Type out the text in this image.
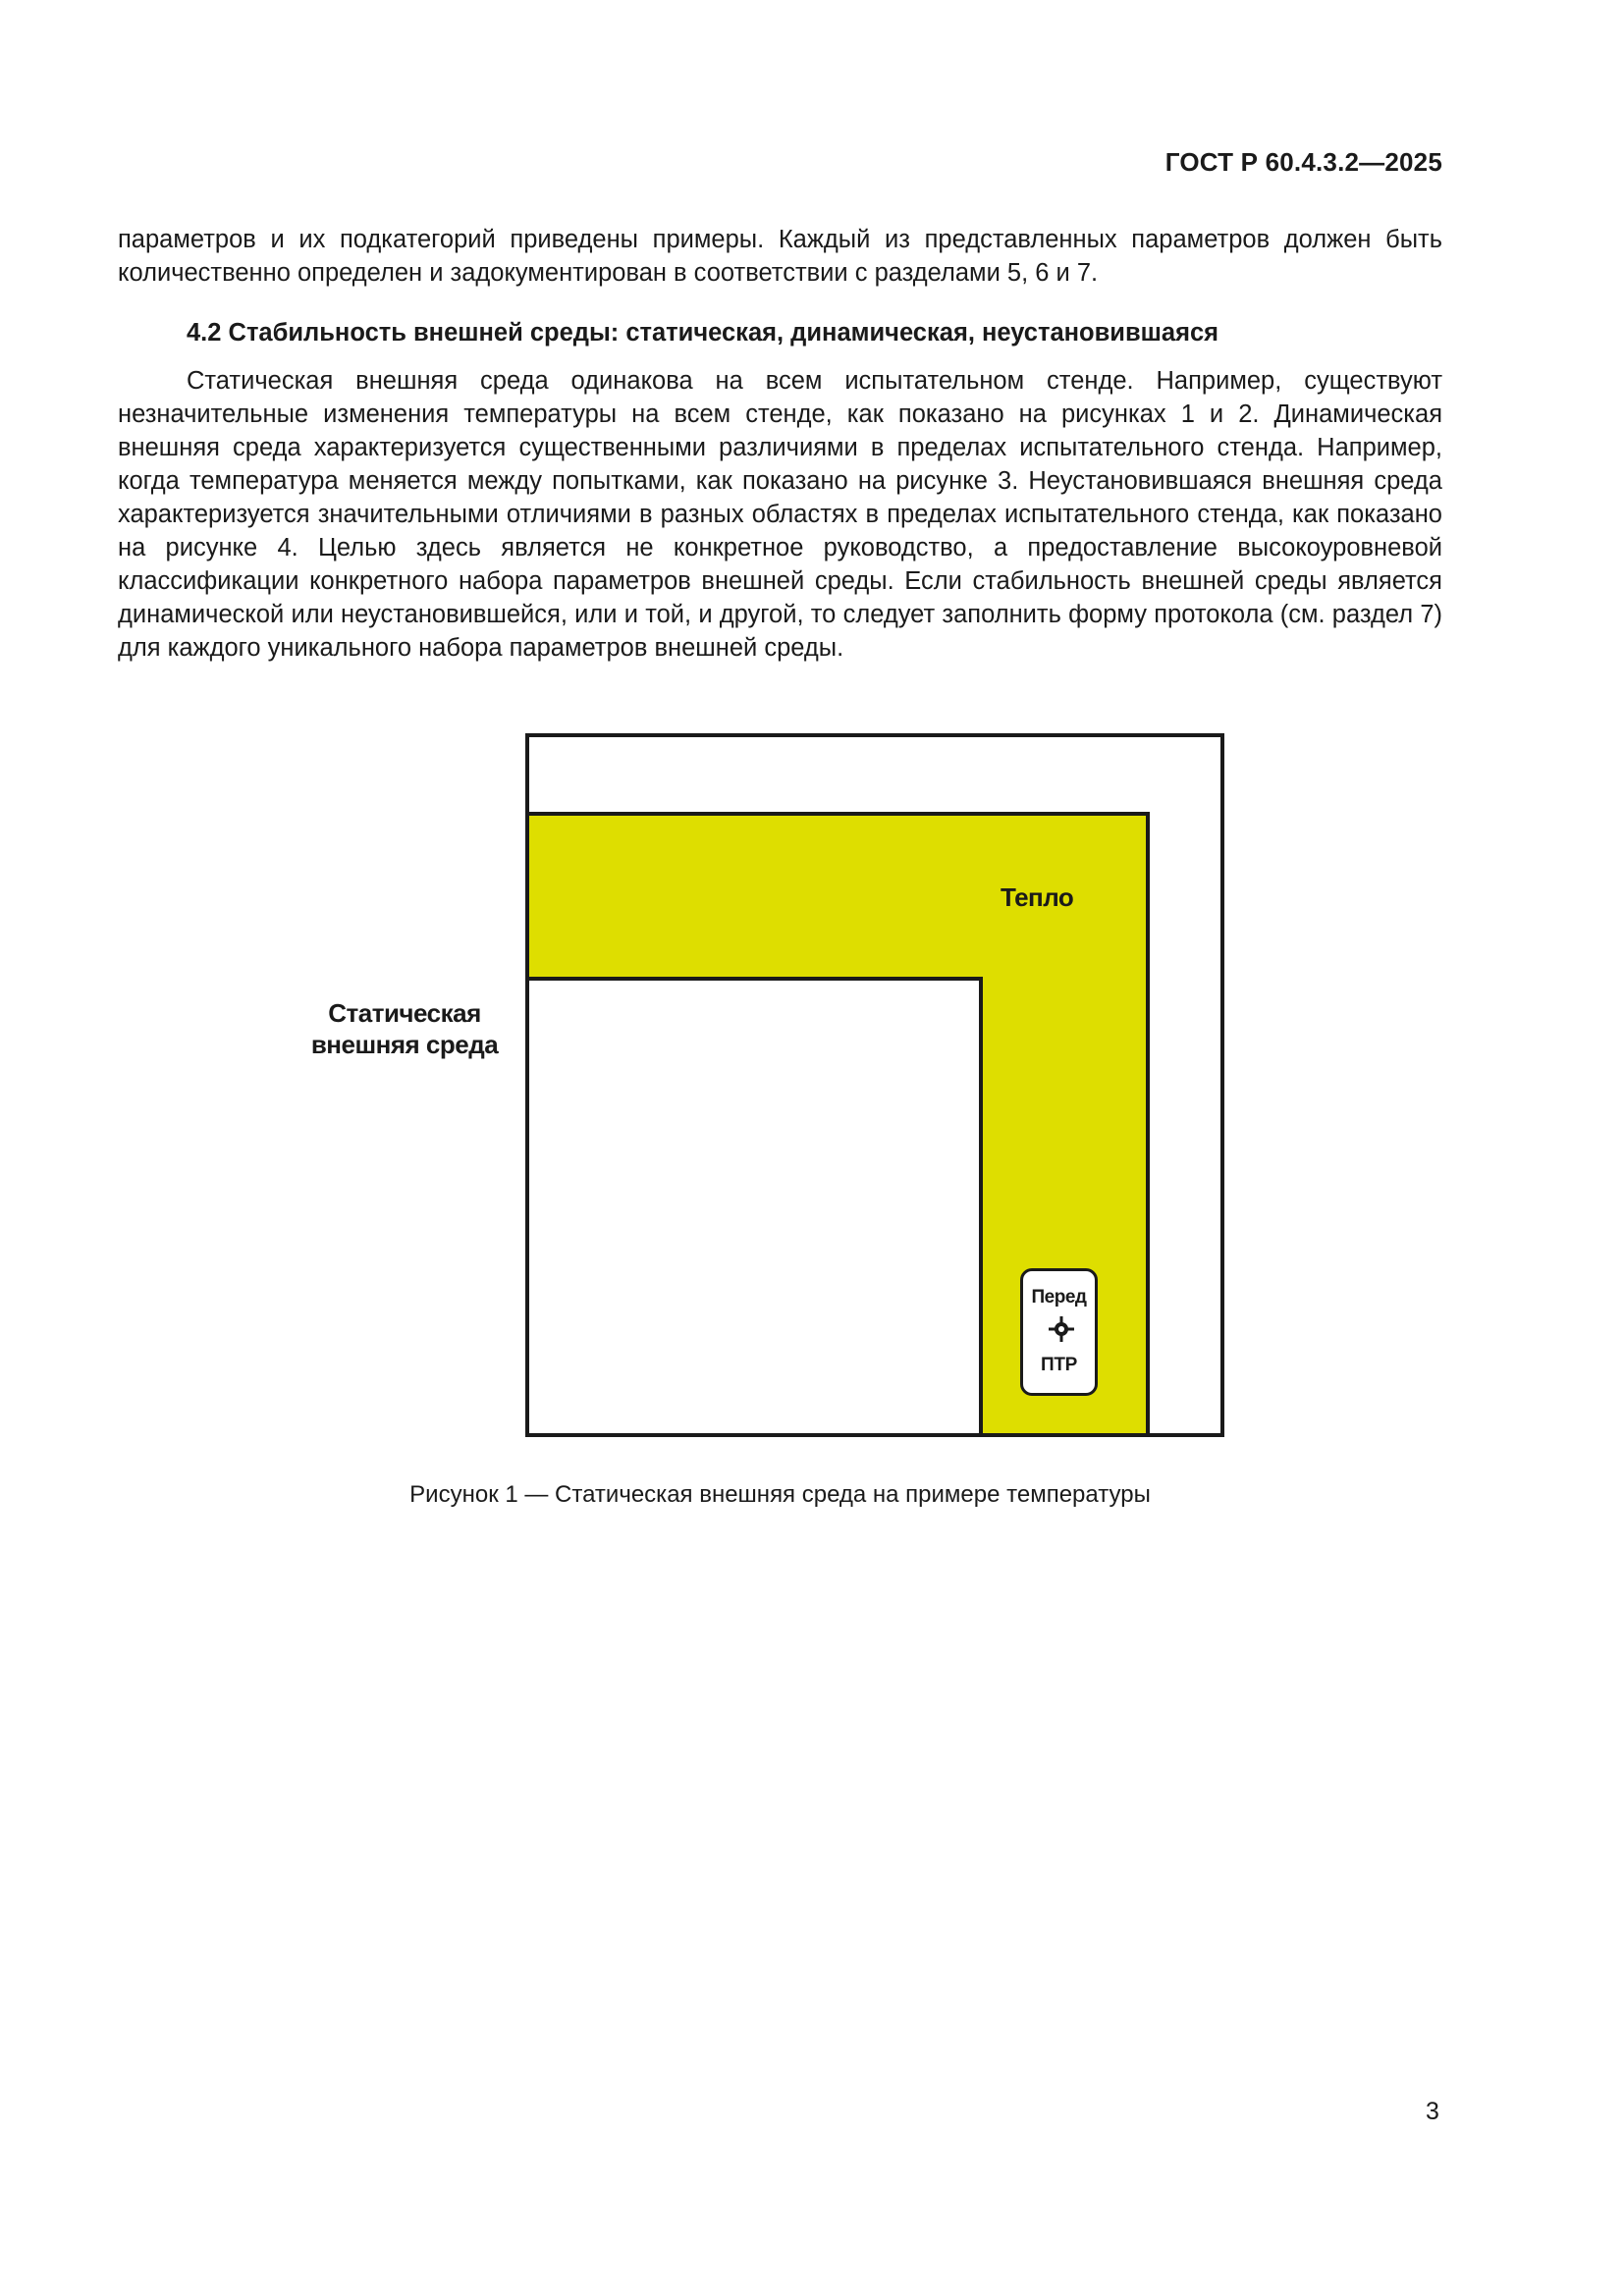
ГОСТ Р 60.4.3.2—2025

параметров и их подкатегорий приведены примеры. Каждый из представленных параметров должен быть количественно определен и задокументирован в соответствии с разделами 5, 6 и 7.

4.2 Стабильность внешней среды: статическая, динамическая, неустановившаяся

Статическая внешняя среда одинакова на всем испытательном стенде. Например, существуют незначительные изменения температуры на всем стенде, как показано на рисунках 1 и 2. Динамическая внешняя среда характеризуется существенными различиями в пределах испытательного стенда. Например, когда температура меняется между попытками, как показано на рисунке 3. Неустановившаяся внешняя среда характеризуется значительными отличиями в разных областях в пределах испытательного стенда, как показано на рисунке 4. Целью здесь является не конкретное руководство, а предоставление высокоуровневой классификации конкретного набора параметров внешней среды. Если стабильность внешней среды является динамической или неустановившейся, или и той, и другой, то следует заполнить форму протокола (см. раздел 7) для каждого уникального набора параметров внешней среды.

Статическая внешняя среда
Тепло
Перед
ПТР
Рисунок 1 — Статическая внешняя среда на примере температуры
3
